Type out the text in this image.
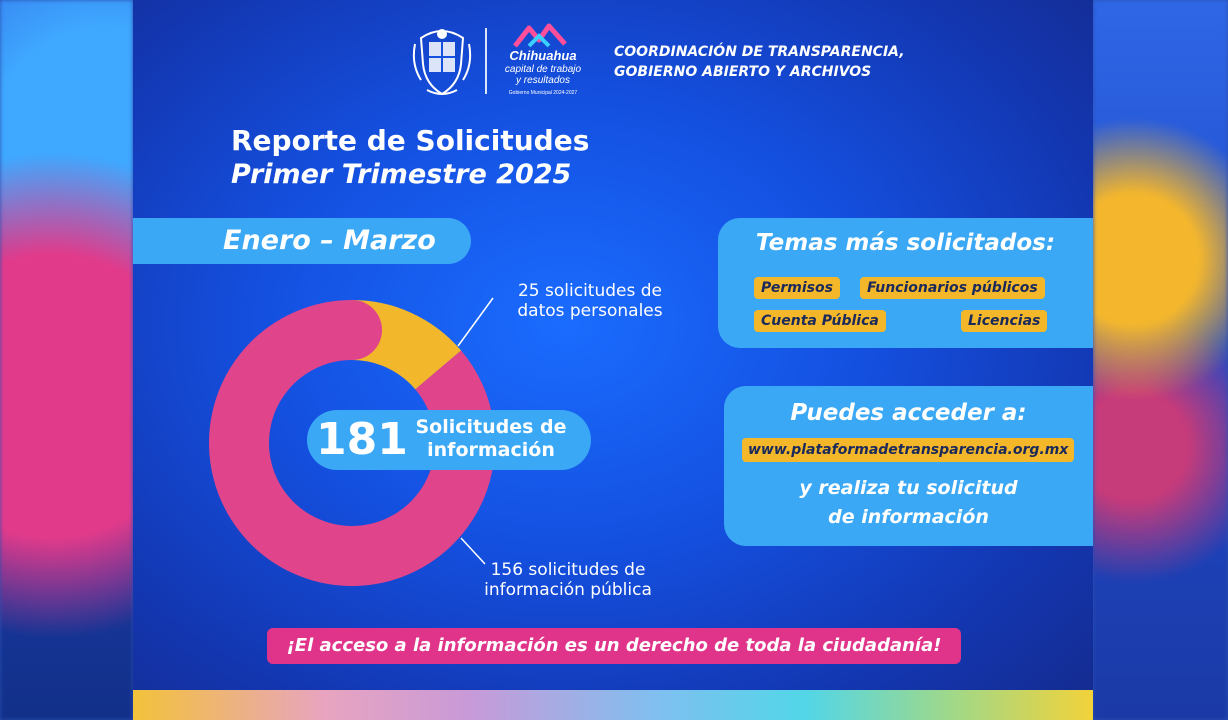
Chihuahua
capital de trabajo
y resultados
Gobierno Municipal 2024-2027
COORDINACIÓN DE TRANSPARENCIA,
GOBIERNO ABIERTO Y ARCHIVOS
Reporte de Solicitudes
Primer Trimestre 2025
Enero – Marzo
25 solicitudes de
datos personales
156 solicitudes de
información pública
181 Solicitudes de
información
Temas más solicitados:
Permisos	Funcionarios públicos
Cuenta Pública	Licencias
Puedes acceder a:
www.plataformadetransparencia.org.mx
y realiza tu solicitud
de información
¡El acceso a la información es un derecho de toda la ciudadanía!
